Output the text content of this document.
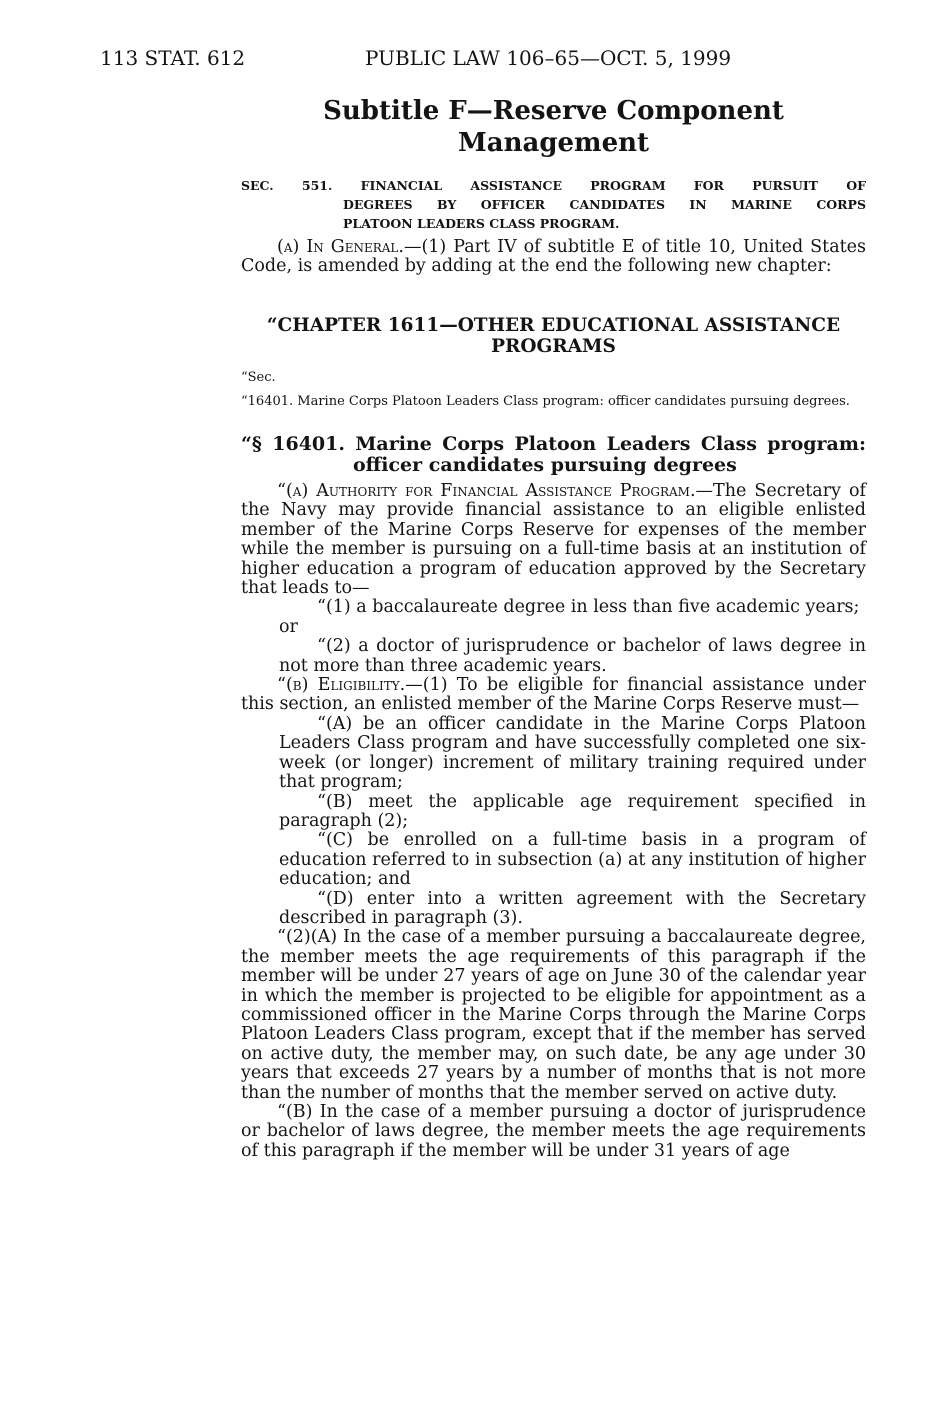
113 STAT. 612	PUBLIC LAW 106–65—OCT. 5, 1999
Subtitle F—Reserve Component
Management
SEC. 551. FINANCIAL ASSISTANCE PROGRAM FOR PURSUIT OF
DEGREES BY OFFICER CANDIDATES IN MARINE CORPS
PLATOON LEADERS CLASS PROGRAM.

(a) In General.—(1) Part IV of subtitle E of title 10, United States Code, is amended by adding at the end the following new chapter:

“CHAPTER 1611—OTHER EDUCATIONAL ASSISTANCE
PROGRAMS
“Sec.
“16401. Marine Corps Platoon Leaders Class program: officer candidates pursuing degrees.
“§ 16401. Marine Corps Platoon Leaders Class program:
officer candidates pursuing degrees

“(a) Authority for Financial Assistance Program.—The Secretary of the Navy may provide financial assistance to an eligible enlisted member of the Marine Corps Reserve for expenses of the member while the member is pursuing on a full-time basis at an institution of higher education a program of education approved by the Secretary that leads to—

“(1) a baccalaureate degree in less than five academic years;

or

“(2) a doctor of jurisprudence or bachelor of laws degree in not more than three academic years.

“(b) Eligibility.—(1) To be eligible for financial assistance under this section, an enlisted member of the Marine Corps Reserve must—

“(A) be an officer candidate in the Marine Corps Platoon Leaders Class program and have successfully completed one six-week (or longer) increment of military training required under that program;

“(B) meet the applicable age requirement specified in paragraph (2);

“(C) be enrolled on a full-time basis in a program of education referred to in subsection (a) at any institution of higher education; and

“(D) enter into a written agreement with the Secretary described in paragraph (3).

“(2)(A) In the case of a member pursuing a baccalaureate degree, the member meets the age requirements of this paragraph if the member will be under 27 years of age on June 30 of the calendar year in which the member is projected to be eligible for appointment as a commissioned officer in the Marine Corps through the Marine Corps Platoon Leaders Class program, except that if the member has served on active duty, the member may, on such date, be any age under 30 years that exceeds 27 years by a number of months that is not more than the number of months that the member served on active duty.

“(B) In the case of a member pursuing a doctor of jurisprudence or bachelor of laws degree, the member meets the age requirements of this paragraph if the member will be under 31 years of age
